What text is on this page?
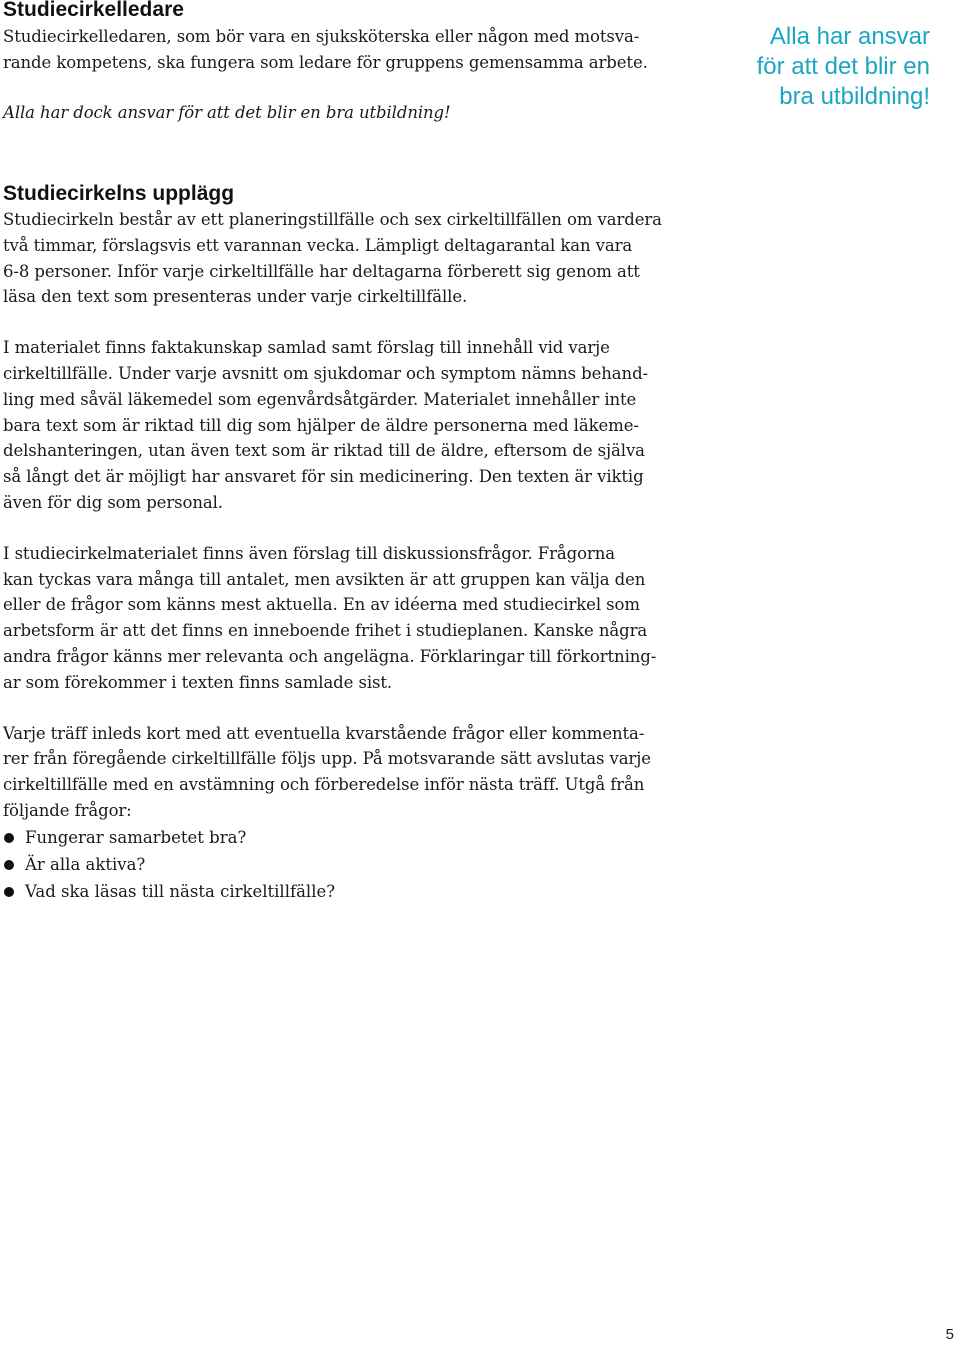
Studiecirkelledare

Studiecirkelledaren, som bör vara en sjuksköterska eller någon med motsva-
rande kompetens, ska fungera som ledare för gruppens gemensamma arbete.

Alla har dock ansvar för att det blir en bra utbildning!

Alla har ansvar
för att det blir en
bra utbildning!
Studiecirkelns upplägg

Studiecirkeln består av ett planeringstillfälle och sex cirkeltillfällen om vardera
två timmar, förslagsvis ett varannan vecka. Lämpligt deltagarantal kan vara
6-8 personer. Inför varje cirkeltillfälle har deltagarna förberett sig genom att
läsa den text som presenteras under varje cirkeltillfälle.

I materialet finns faktakunskap samlad samt förslag till innehåll vid varje
cirkeltillfälle. Under varje avsnitt om sjukdomar och symptom nämns behand-
ling med såväl läkemedel som egenvårdsåtgärder. Materialet innehåller inte
bara text som är riktad till dig som hjälper de äldre personerna med läkeme-
delshanteringen, utan även text som är riktad till de äldre, eftersom de själva
så långt det är möjligt har ansvaret för sin medicinering. Den texten är viktig
även för dig som personal.

I studiecirkelmaterialet finns även förslag till diskussionsfrågor. Frågorna
kan tyckas vara många till antalet, men avsikten är att gruppen kan välja den
eller de frågor som känns mest aktuella. En av idéerna med studiecirkel som
arbetsform är att det finns en inneboende frihet i studieplanen. Kanske några
andra frågor känns mer relevanta och angelägna. Förklaringar till förkortning-
ar som förekommer i texten finns samlade sist.

Varje träff inleds kort med att eventuella kvarstående frågor eller kommenta-
rer från föregående cirkeltillfälle följs upp. På motsvarande sätt avslutas varje
cirkeltillfälle med en avstämning och förberedelse inför nästa träff. Utgå från
följande frågor:

Fungerar samarbetet bra?
Är alla aktiva?
Vad ska läsas till nästa cirkeltillfälle?
5
